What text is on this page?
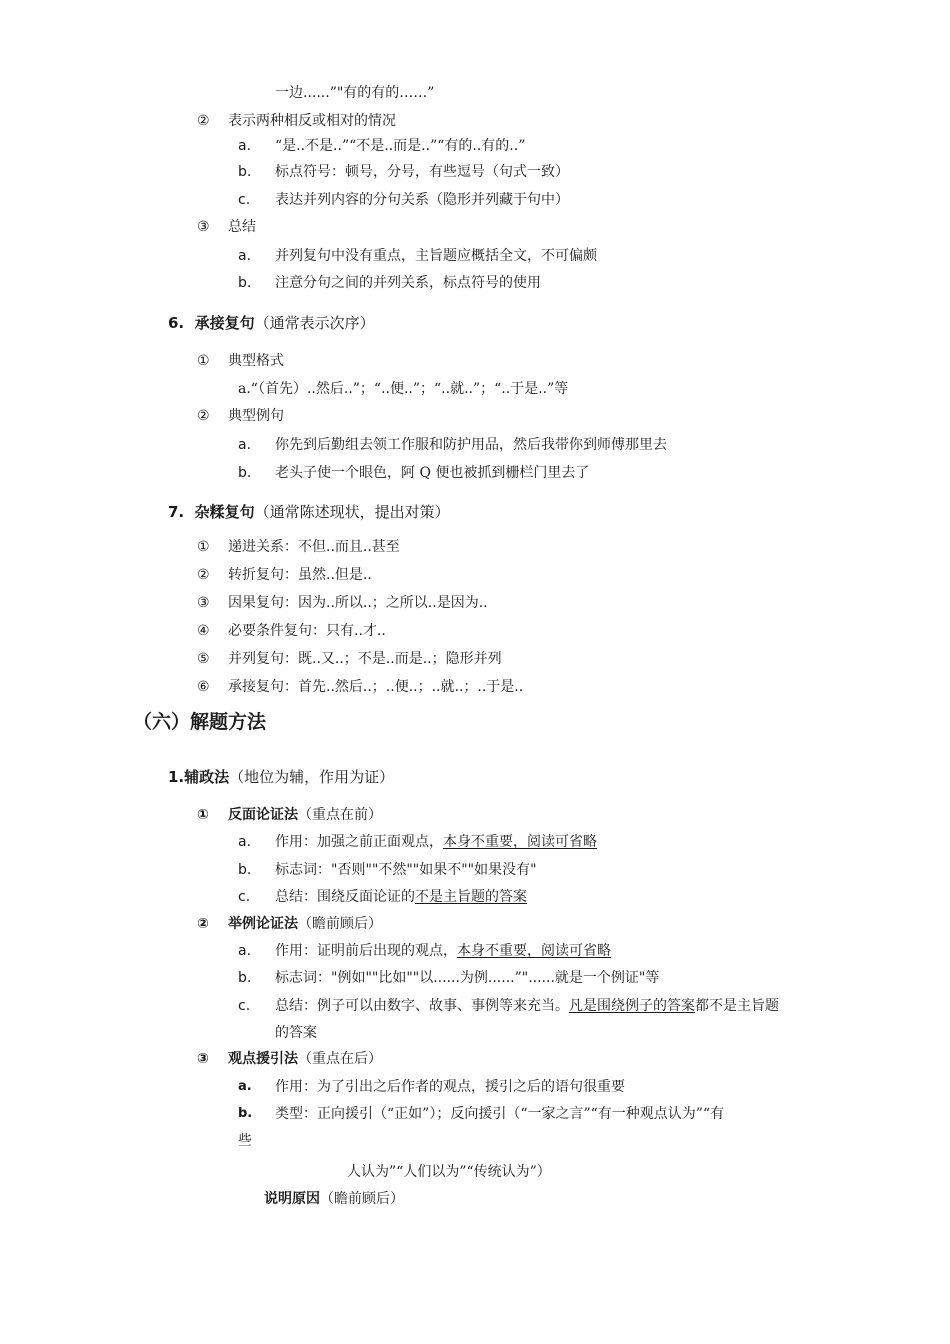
一边......”"有的有的……”
② 表示两种相反或相对的情况
a. “是..不是..”“不是..而是..”“有的..有的..”
b. 标点符号：顿号，分号，有些逗号（句式一致）
c. 表达并列内容的分句关系（隐形并列藏于句中）
③ 总结
a. 并列复句中没有重点，主旨题应概括全文，不可偏颇
b. 注意分句之间的并列关系，标点符号的使用
6. 承接复句（通常表示次序）
① 典型格式
a.“（首先）..然后..”；“..便..”；“..就..”；“..于是..”等
② 典型例句
a. 你先到后勤组去领工作服和防护用品，然后我带你到师傅那里去
b. 老头子使一个眼色，阿 Q 便也被抓到栅栏门里去了
7. 杂糅复句（通常陈述现状，提出对策）
① 递进关系：不但..而且..甚至
② 转折复句：虽然..但是..
③ 因果复句：因为..所以..；之所以..是因为..
④ 必要条件复句：只有..才..
⑤ 并列复句：既..又..；不是..而是..；隐形并列
⑥ 承接复句：首先..然后..；..便..；..就..；..于是..
（六）解题方法
1.辅政法（地位为辅，作用为证）
① 反面论证法（重点在前）
a. 作用：加强之前正面观点，本身不重要，阅读可省略
b. 标志词："否则""不然""如果不""如果没有"
c. 总结：围绕反面论证的不是主旨题的答案
② 举例论证法（瞻前顾后）
a. 作用：证明前后出现的观点，本身不重要，阅读可省略
b. 标志词："例如""比如""以......为例......”"......就是一个例证"等
c. 总结：例子可以由数字、故事、事例等来充当。凡是围绕例子的答案都不是主旨题
的答案
③ 观点援引法（重点在后）
a. 作用：为了引出之后作者的观点，援引之后的语句很重要
b. 类型：正向援引（“正如”）；反向援引（“一家之言”“有一种观点认为”“有
些
人认为”“人们以为”“传统认为”）
说明原因（瞻前顾后）
